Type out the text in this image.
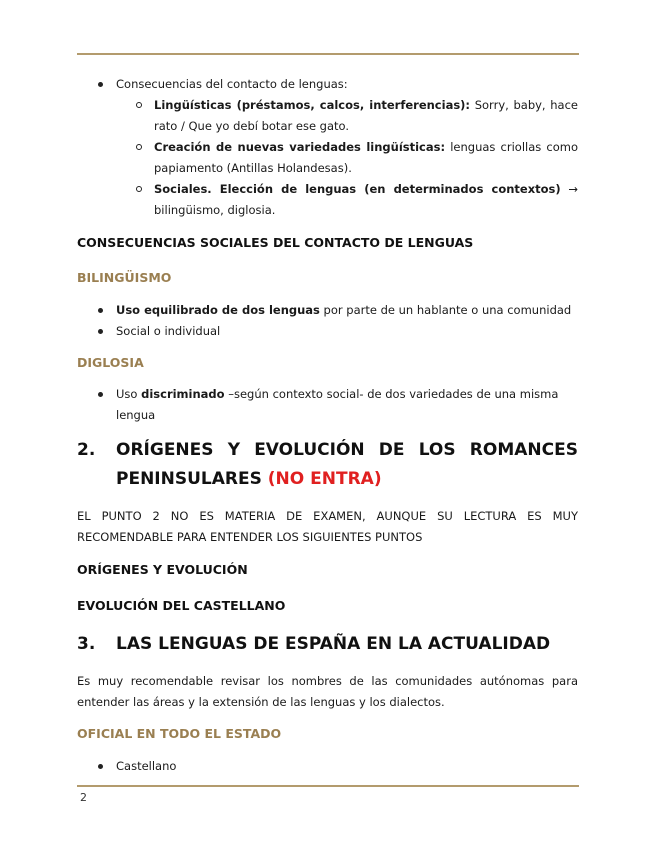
Consecuencias del contacto de lenguas:
Lingüísticas (préstamos, calcos, interferencias): Sorry, baby, hace rato / Que yo debí botar ese gato.
Creación de nuevas variedades lingüísticas: lenguas criollas como papiamento (Antillas Holandesas).
Sociales. Elección de lenguas (en determinados contextos) → bilingüismo, diglosia.

CONSECUENCIAS SOCIALES DEL CONTACTO DE LENGUAS

BILINGÜISMO

Uso equilibrado de dos lenguas por parte de un hablante o una comunidad
Social o individual

DIGLOSIA

Uso discriminado –según contexto social- de dos variedades de una misma lengua
2.	ORÍGENES Y EVOLUCIÓN DE LOS ROMANCES
PENINSULARES (NO ENTRA)

EL PUNTO 2 NO ES MATERIA DE EXAMEN, AUNQUE SU LECTURA ES MUY RECOMENDABLE PARA ENTENDER LOS SIGUIENTES PUNTOS

ORÍGENES Y EVOLUCIÓN

EVOLUCIÓN DEL CASTELLANO

3.	LAS LENGUAS DE ESPAÑA EN LA ACTUALIDAD

Es muy recomendable revisar los nombres de las comunidades autónomas para entender las áreas y la extensión de las lenguas y los dialectos.

OFICIAL EN TODO EL ESTADO

Castellano
2
